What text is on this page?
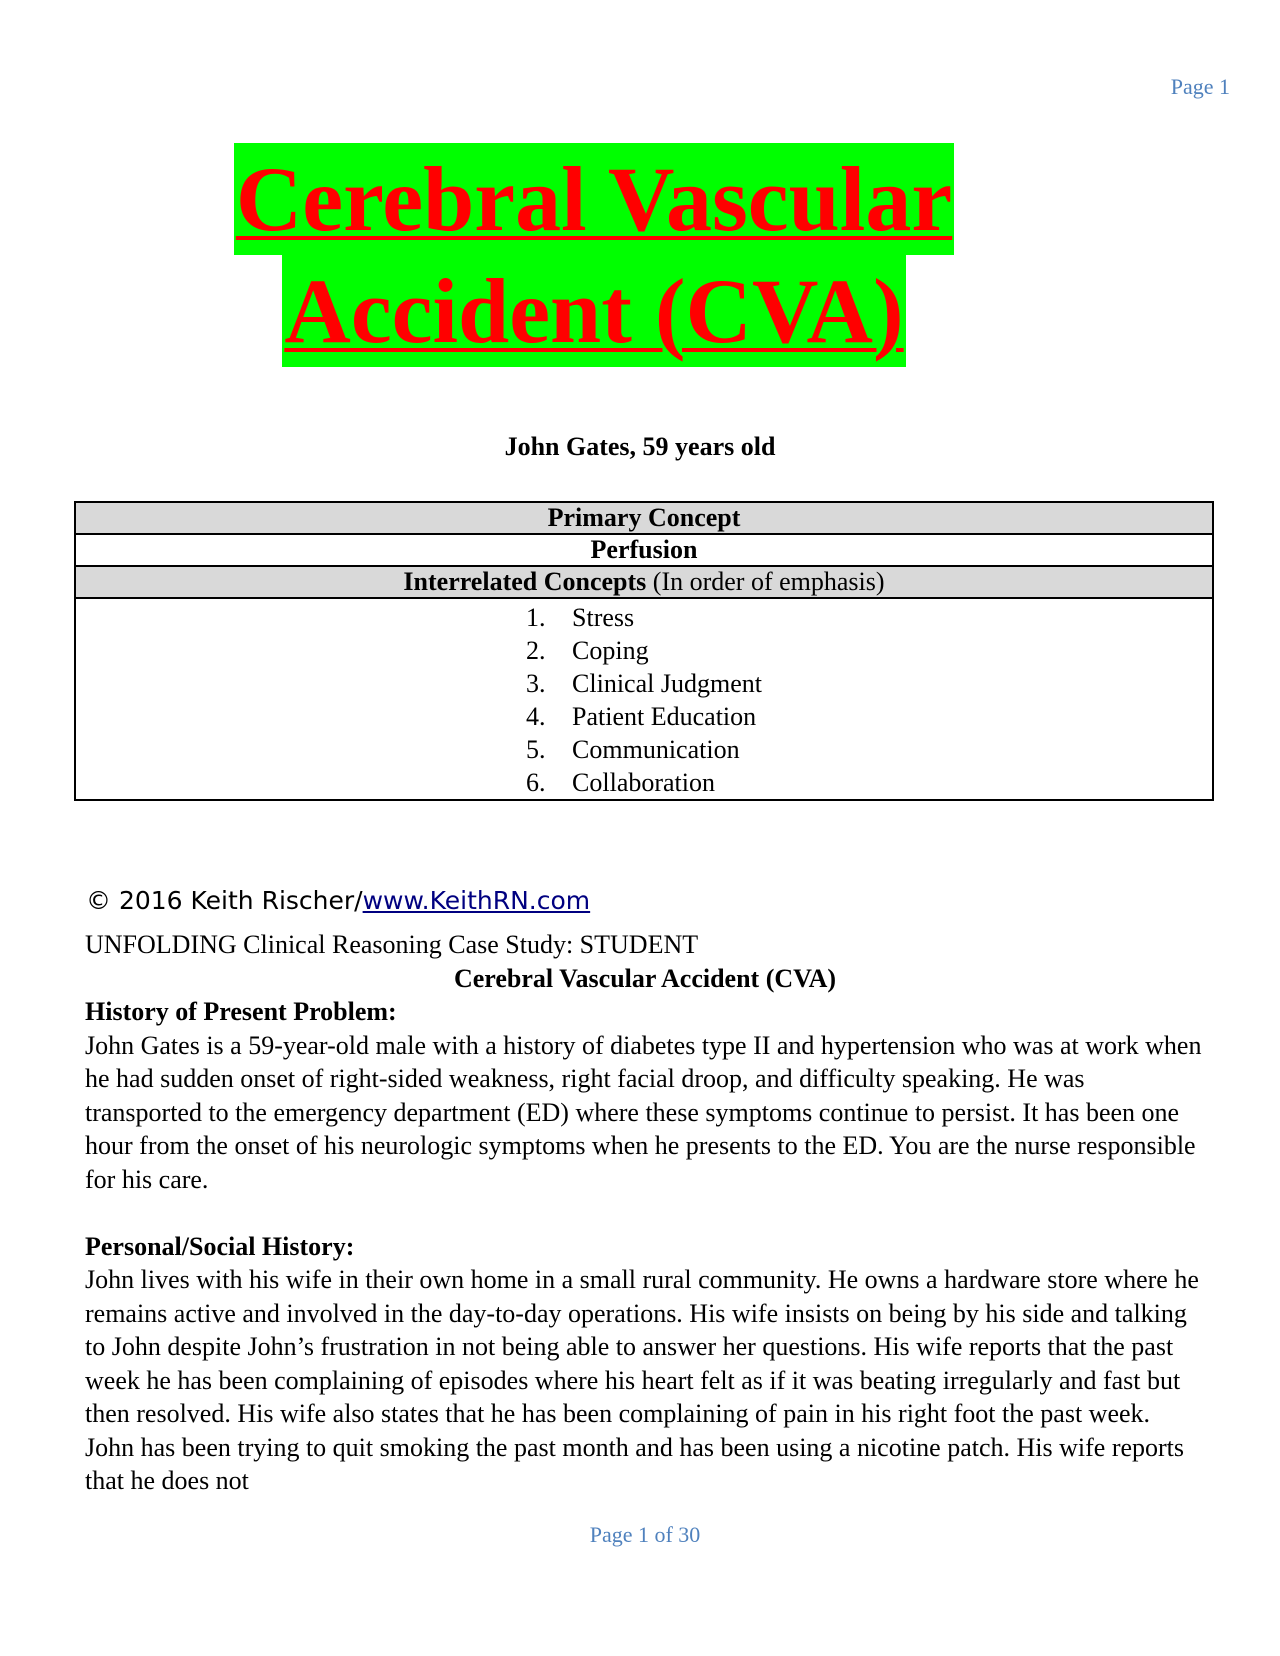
Page 1
Cerebral Vascular
Accident (CVA)
John Gates, 59 years old
Primary Concept
Perfusion
Interrelated Concepts (In order of emphasis)

1. Stress
2. Coping
3. Clinical Judgment
4. Patient Education
5. Communication
6. Collaboration
© 2016 Keith Rischer/www.KeithRN.com

UNFOLDING Clinical Reasoning Case Study: STUDENT

Cerebral Vascular Accident (CVA)

History of Present Problem:

John Gates is a 59-year-old male with a history of diabetes type II and hypertension who was at work when he had sudden onset of right-sided weakness, right facial droop, and difficulty speaking. He was transported to the emergency department (ED) where these symptoms continue to persist. It has been one hour from the onset of his neurologic symptoms when he presents to the ED. You are the nurse responsible for his care.

Personal/Social History:

John lives with his wife in their own home in a small rural community. He owns a hardware store where he remains active and involved in the day-to-day operations. His wife insists on being by his side and talking to John despite John’s frustration in not being able to answer her questions. His wife reports that the past week he has been complaining of episodes where his heart felt as if it was beating irregularly and fast but then resolved. His wife also states that he has been complaining of pain in his right foot the past week. John has been trying to quit smoking the past month and has been using a nicotine patch. His wife reports that he does not

Page 1 of 30
